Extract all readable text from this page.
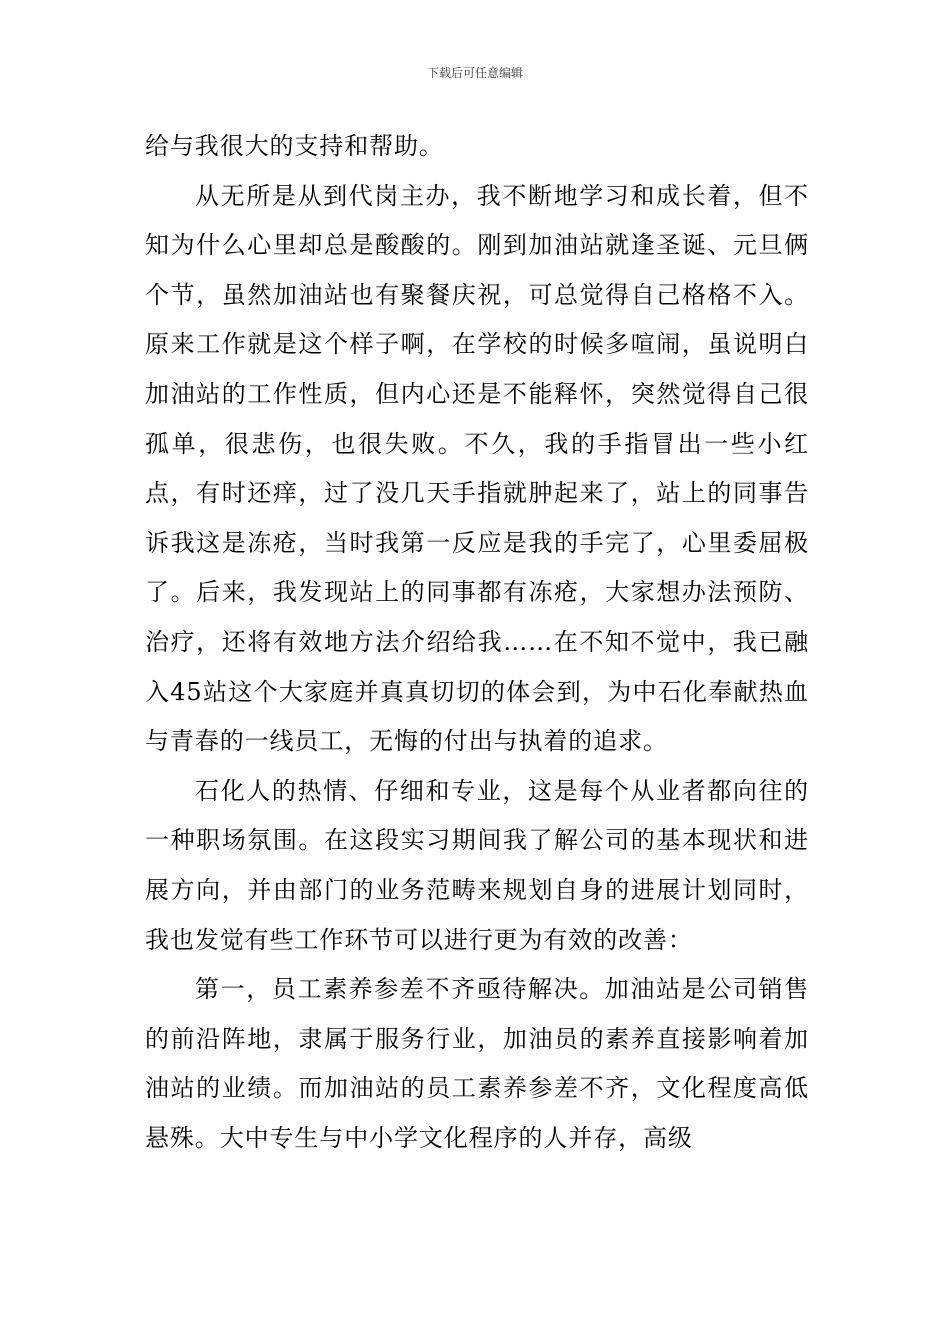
下载后可任意编辑

给与我很大的支持和帮助。

从无所是从到代岗主办，我不断地学习和成长着，但不知为什么心里却总是酸酸的。刚到加油站就逢圣诞、元旦俩个节，虽然加油站也有聚餐庆祝，可总觉得自己格格不入。原来工作就是这个样子啊，在学校的时候多喧闹，虽说明白加油站的工作性质，但内心还是不能释怀，突然觉得自己很孤单，很悲伤，也很失败。不久，我的手指冒出一些小红点，有时还痒，过了没几天手指就肿起来了，站上的同事告诉我这是冻疮，当时我第一反应是我的手完了，心里委屈极了。后来，我发现站上的同事都有冻疮，大家想办法预防、治疗，还将有效地方法介绍给我……在不知不觉中，我已融入45站这个大家庭并真真切切的体会到，为中石化奉献热血与青春的一线员工，无悔的付出与执着的追求。

石化人的热情、仔细和专业，这是每个从业者都向往的一种职场氛围。在这段实习期间我了解公司的基本现状和进展方向，并由部门的业务范畴来规划自身的进展计划同时，我也发觉有些工作环节可以进行更为有效的改善：

第一，员工素养参差不齐亟待解决。加油站是公司销售的前沿阵地，隶属于服务行业，加油员的素养直接影响着加油站的业绩。而加油站的员工素养参差不齐，文化程度高低悬殊。大中专生与中小学文化程序的人并存，高级
